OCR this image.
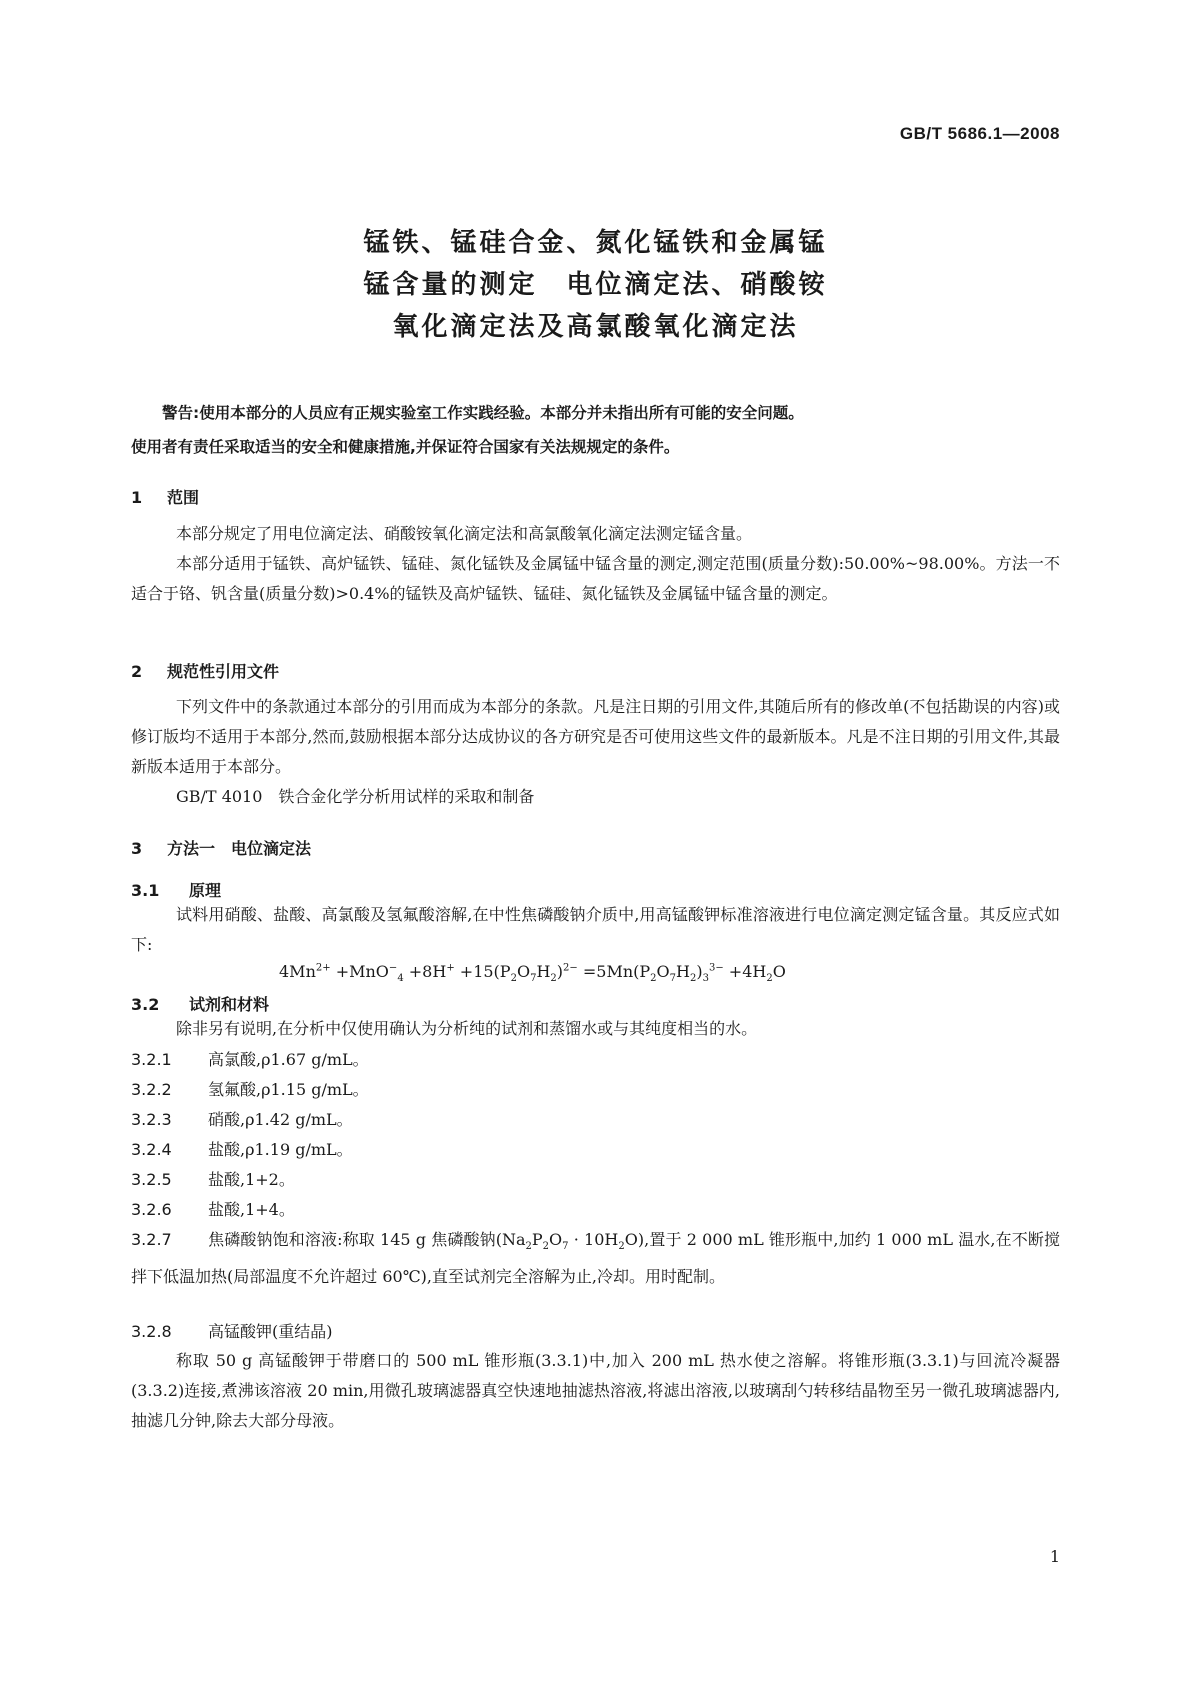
GB/T 5686.1—2008
锰铁、锰硅合金、氮化锰铁和金属锰
锰含量的测定　电位滴定法、硝酸铵
氧化滴定法及高氯酸氧化滴定法

警告:使用本部分的人员应有正规实验室工作实践经验。本部分并未指出所有可能的安全问题。

使用者有责任采取适当的安全和健康措施,并保证符合国家有关法规规定的条件。

1 范围
本部分规定了用电位滴定法、硝酸铵氧化滴定法和高氯酸氧化滴定法测定锰含量。
本部分适用于锰铁、高炉锰铁、锰硅、氮化锰铁及金属锰中锰含量的测定,测定范围(质量分数):50.00%~98.00%。方法一不适合于铬、钒含量(质量分数)>0.4%的锰铁及高炉锰铁、锰硅、氮化锰铁及金属锰中锰含量的测定。
2 规范性引用文件
下列文件中的条款通过本部分的引用而成为本部分的条款。凡是注日期的引用文件,其随后所有的修改单(不包括勘误的内容)或修订版均不适用于本部分,然而,鼓励根据本部分达成协议的各方研究是否可使用这些文件的最新版本。凡是不注日期的引用文件,其最新版本适用于本部分。
GB/T 4010　铁合金化学分析用试样的采取和制备
3 方法一　电位滴定法
3.1 原理
试料用硝酸、盐酸、高氯酸及氢氟酸溶解,在中性焦磷酸钠介质中,用高锰酸钾标准溶液进行电位滴定测定锰含量。其反应式如下:
$4Mn^{2+} +MnO^-_4 +8H^+ +15(P_2O_7H_2)^{2-} =5Mn(P_2O_7H_2)_3^{3-} +4H_2O$
3.2 试剂和材料
除非另有说明,在分析中仅使用确认为分析纯的试剂和蒸馏水或与其纯度相当的水。
3.2.1 高氯酸,ρ1.67 g/mL。
3.2.2 氢氟酸,ρ1.15 g/mL。
3.2.3 硝酸,ρ1.42 g/mL。
3.2.4 盐酸,ρ1.19 g/mL。
3.2.5 盐酸,1+2。
3.2.6 盐酸,1+4。
3.2.7 焦磷酸钠饱和溶液:称取 145 g 焦磷酸钠$(Na_2P_2O_7 \cdot 10H_2O)$,置于 2 000 mL 锥形瓶中,加约 1 000 mL 温水,在不断搅拌下低温加热(局部温度不允许超过 60℃),直至试剂完全溶解为止,冷却。用时配制。
3.2.8 高锰酸钾(重结晶)
称取 50 g 高锰酸钾于带磨口的 500 mL 锥形瓶(3.3.1)中,加入 200 mL 热水使之溶解。将锥形瓶(3.3.1)与回流冷凝器(3.3.2)连接,煮沸该溶液 20 min,用微孔玻璃滤器真空快速地抽滤热溶液,将滤出溶液,以玻璃刮勺转移结晶物至另一微孔玻璃滤器内,抽滤几分钟,除去大部分母液。
1
